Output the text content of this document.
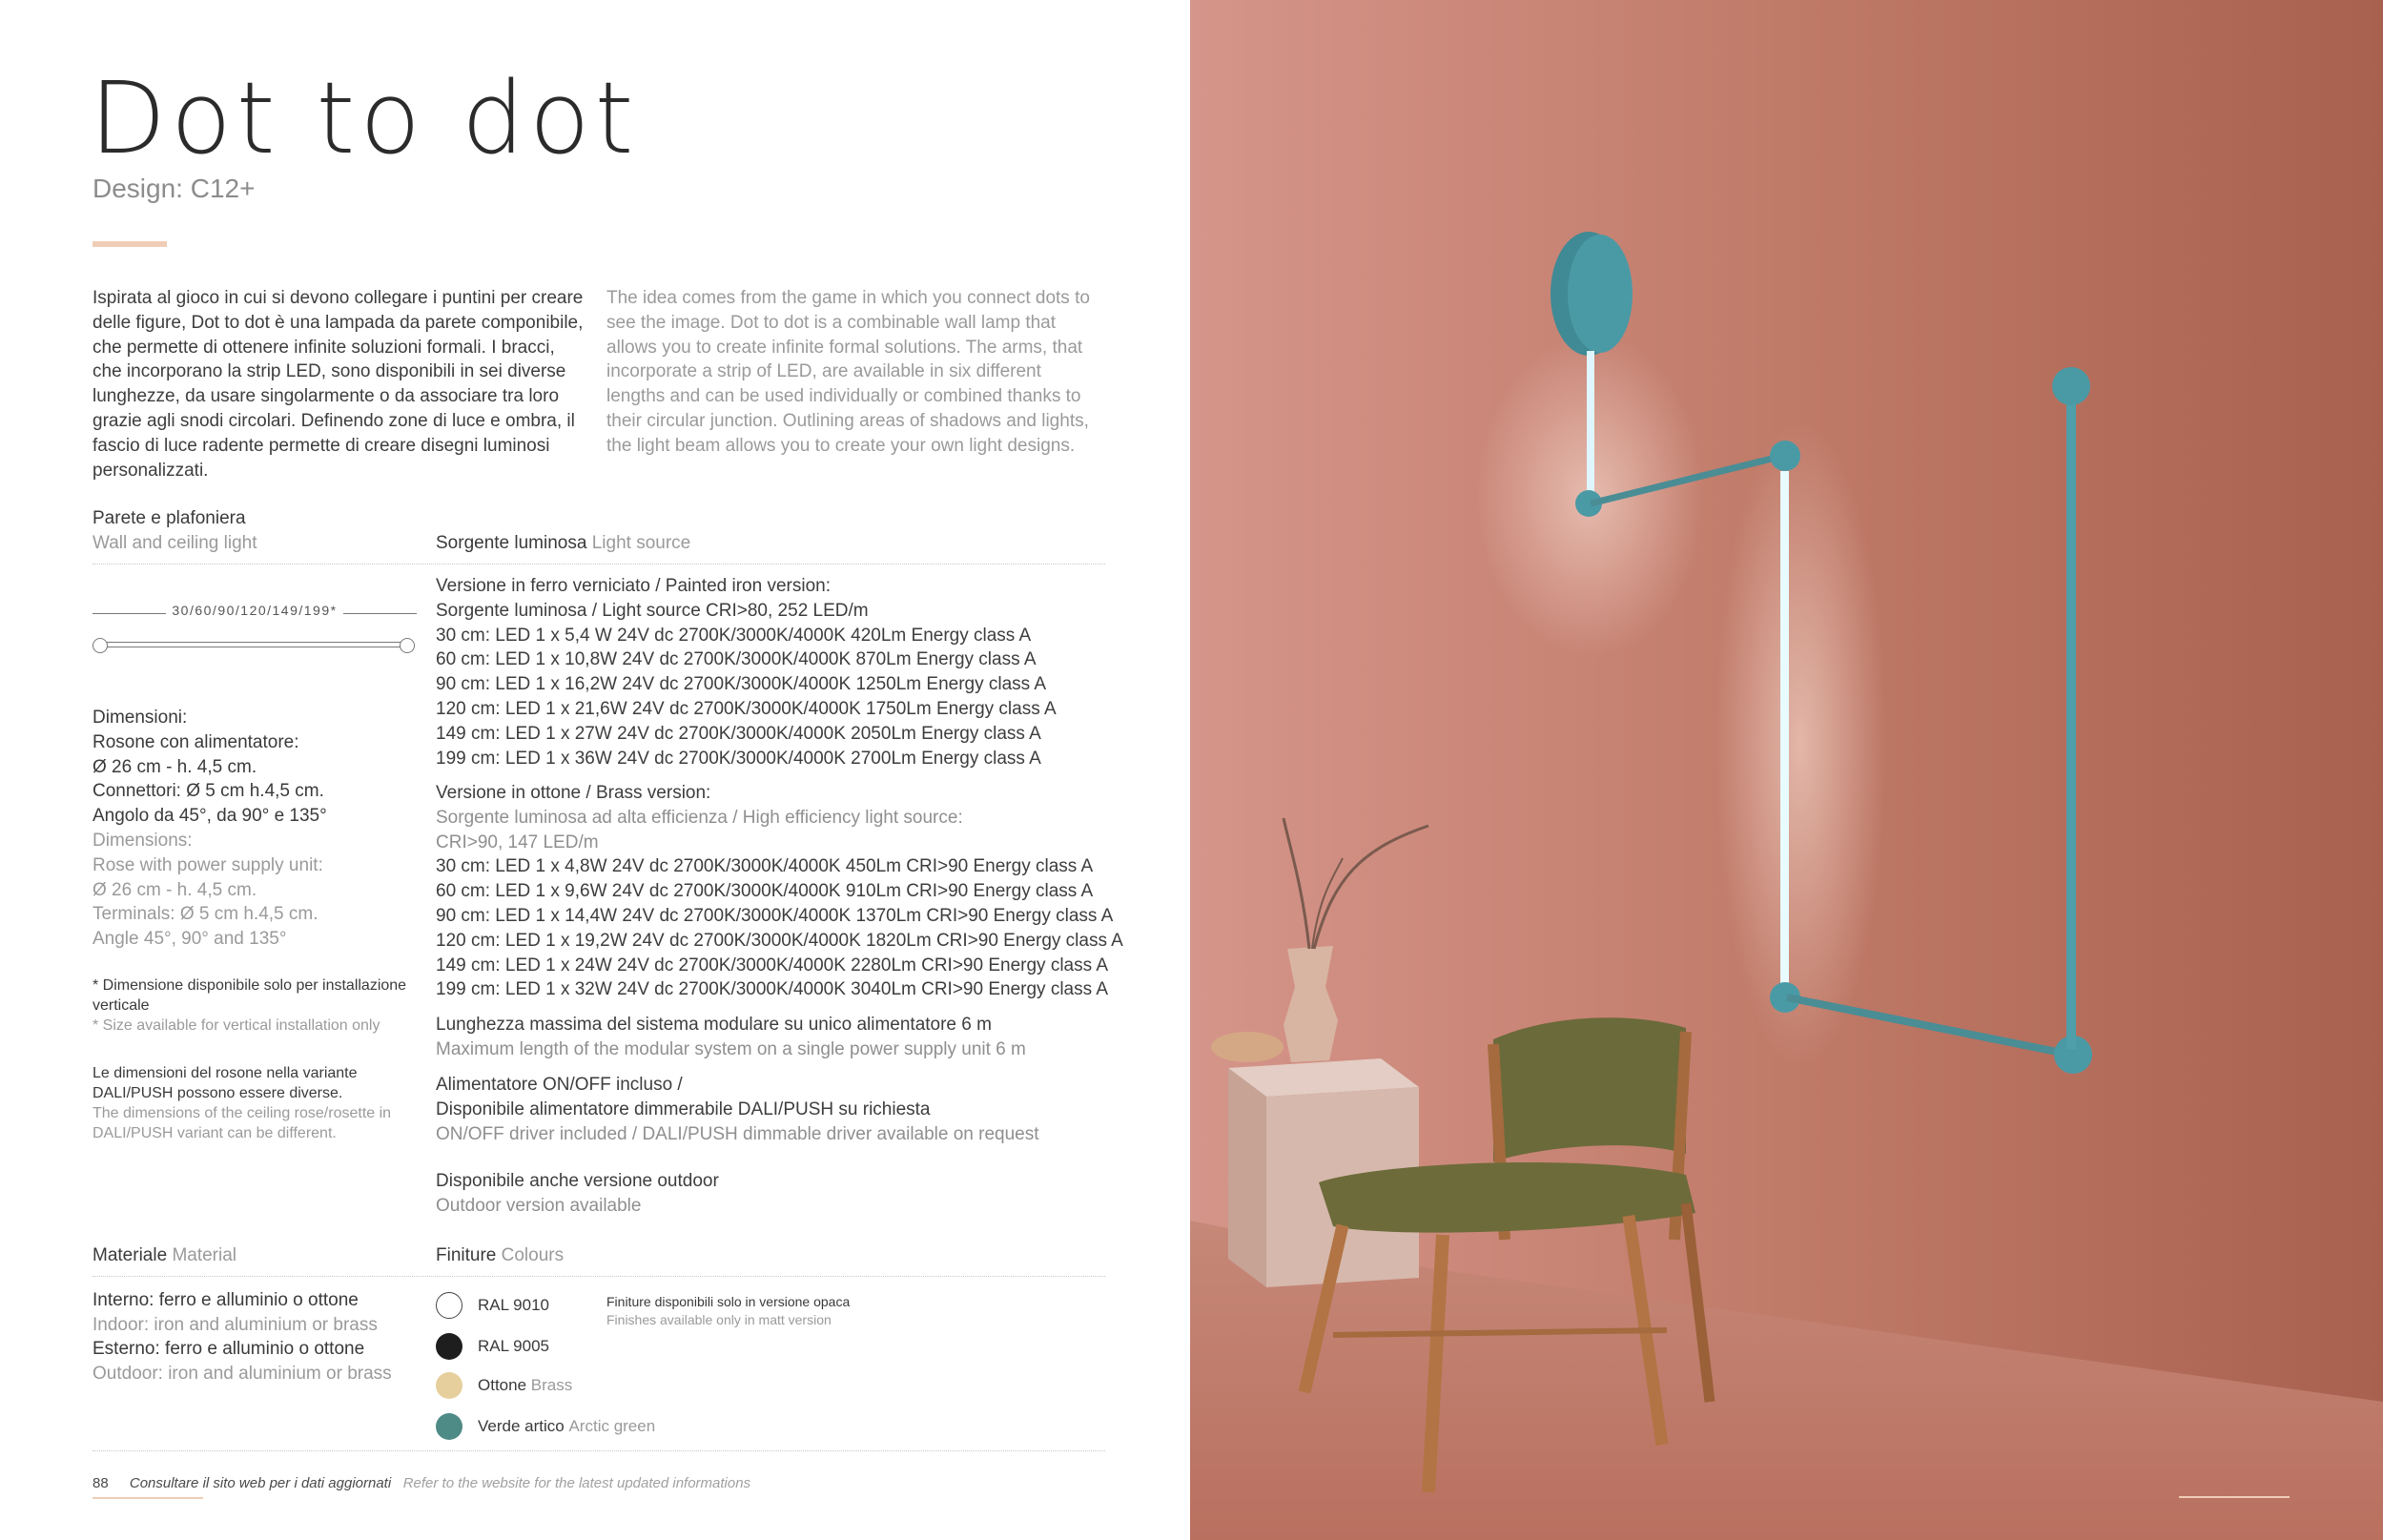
Dot to dot
Design: C12+
Ispirata al gioco in cui si devono collegare i puntini per creare delle figure, Dot to dot è una lampada da parete componibile, che permette di ottenere infinite soluzioni formali. I bracci, che incorporano la strip LED, sono disponibili in sei diverse lunghezze, da usare singolarmente o da associare tra loro grazie agli snodi circolari. Definendo zone di luce e ombra, il fascio di luce radente permette di creare disegni luminosi personalizzati.
The idea comes from the game in which you connect dots to see the image. Dot to dot is a combinable wall lamp that allows you to create infinite formal solutions. The arms, that incorporate a strip of LED, are available in six different lengths and can be used individually or combined thanks to their circular junction. Outlining areas of shadows and lights, the light beam allows you to create your own light designs.
Parete e plafoniera
Wall and ceiling light	Sorgente luminosa Light source
30/60/90/120/149/199*
Dimensioni:
Rosone con alimentatore:
Ø 26 cm - h. 4,5 cm.
Connettori: Ø 5 cm h.4,5 cm.
Angolo da 45°, da 90° e 135°
Dimensions:
Rose with power supply unit:
Ø 26 cm - h. 4,5 cm.
Terminals: Ø 5 cm h.4,5 cm.
Angle 45°, 90° and 135°
* Dimensione disponibile solo per installazione verticale
* Size available for vertical installation only
Le dimensioni del rosone nella variante DALI/PUSH possono essere diverse.
The dimensions of the ceiling rose/rosette in DALI/PUSH variant can be different.
Versione in ferro verniciato / Painted iron version:
Sorgente luminosa / Light source CRI>80, 252 LED/m
30 cm: LED 1 x 5,4 W 24V dc 2700K/3000K/4000K 420Lm Energy class A
60 cm: LED 1 x 10,8W 24V dc 2700K/3000K/4000K 870Lm Energy class A
90 cm: LED 1 x 16,2W 24V dc 2700K/3000K/4000K 1250Lm Energy class A
120 cm: LED 1 x 21,6W 24V dc 2700K/3000K/4000K 1750Lm Energy class A
149 cm: LED 1 x 27W 24V dc 2700K/3000K/4000K 2050Lm Energy class A
199 cm: LED 1 x 36W 24V dc 2700K/3000K/4000K 2700Lm Energy class A
Versione in ottone / Brass version:
Sorgente luminosa ad alta efficienza / High efficiency light source:
CRI>90, 147 LED/m
30 cm: LED 1 x 4,8W 24V dc 2700K/3000K/4000K 450Lm CRI>90 Energy class A
60 cm: LED 1 x 9,6W 24V dc 2700K/3000K/4000K 910Lm CRI>90 Energy class A
90 cm: LED 1 x 14,4W 24V dc 2700K/3000K/4000K 1370Lm CRI>90 Energy class A
120 cm: LED 1 x 19,2W 24V dc 2700K/3000K/4000K 1820Lm CRI>90 Energy class A
149 cm: LED 1 x 24W 24V dc 2700K/3000K/4000K 2280Lm CRI>90 Energy class A
199 cm: LED 1 x 32W 24V dc 2700K/3000K/4000K 3040Lm CRI>90 Energy class A
Lunghezza massima del sistema modulare su unico alimentatore 6 m
Maximum length of the modular system on a single power supply unit 6 m
Alimentatore ON/OFF incluso /
Disponibile alimentatore dimmerabile DALI/PUSH su richiesta
ON/OFF driver included / DALI/PUSH dimmable driver available on request
Disponibile anche versione outdoor
Outdoor version available
Materiale Material	Finiture Colours
Interno: ferro e alluminio o ottone
Indoor: iron and aluminium or brass
Esterno: ferro e alluminio o ottone
Outdoor: iron and aluminium or brass
RAL 9010
RAL 9005
Ottone
Brass
Verde artico
Arctic green
Finiture disponibili solo in versione opaca
Finishes available only in matt version
88 Consultare il sito web per i dati aggiornati Refer to the website for the latest updated informations
